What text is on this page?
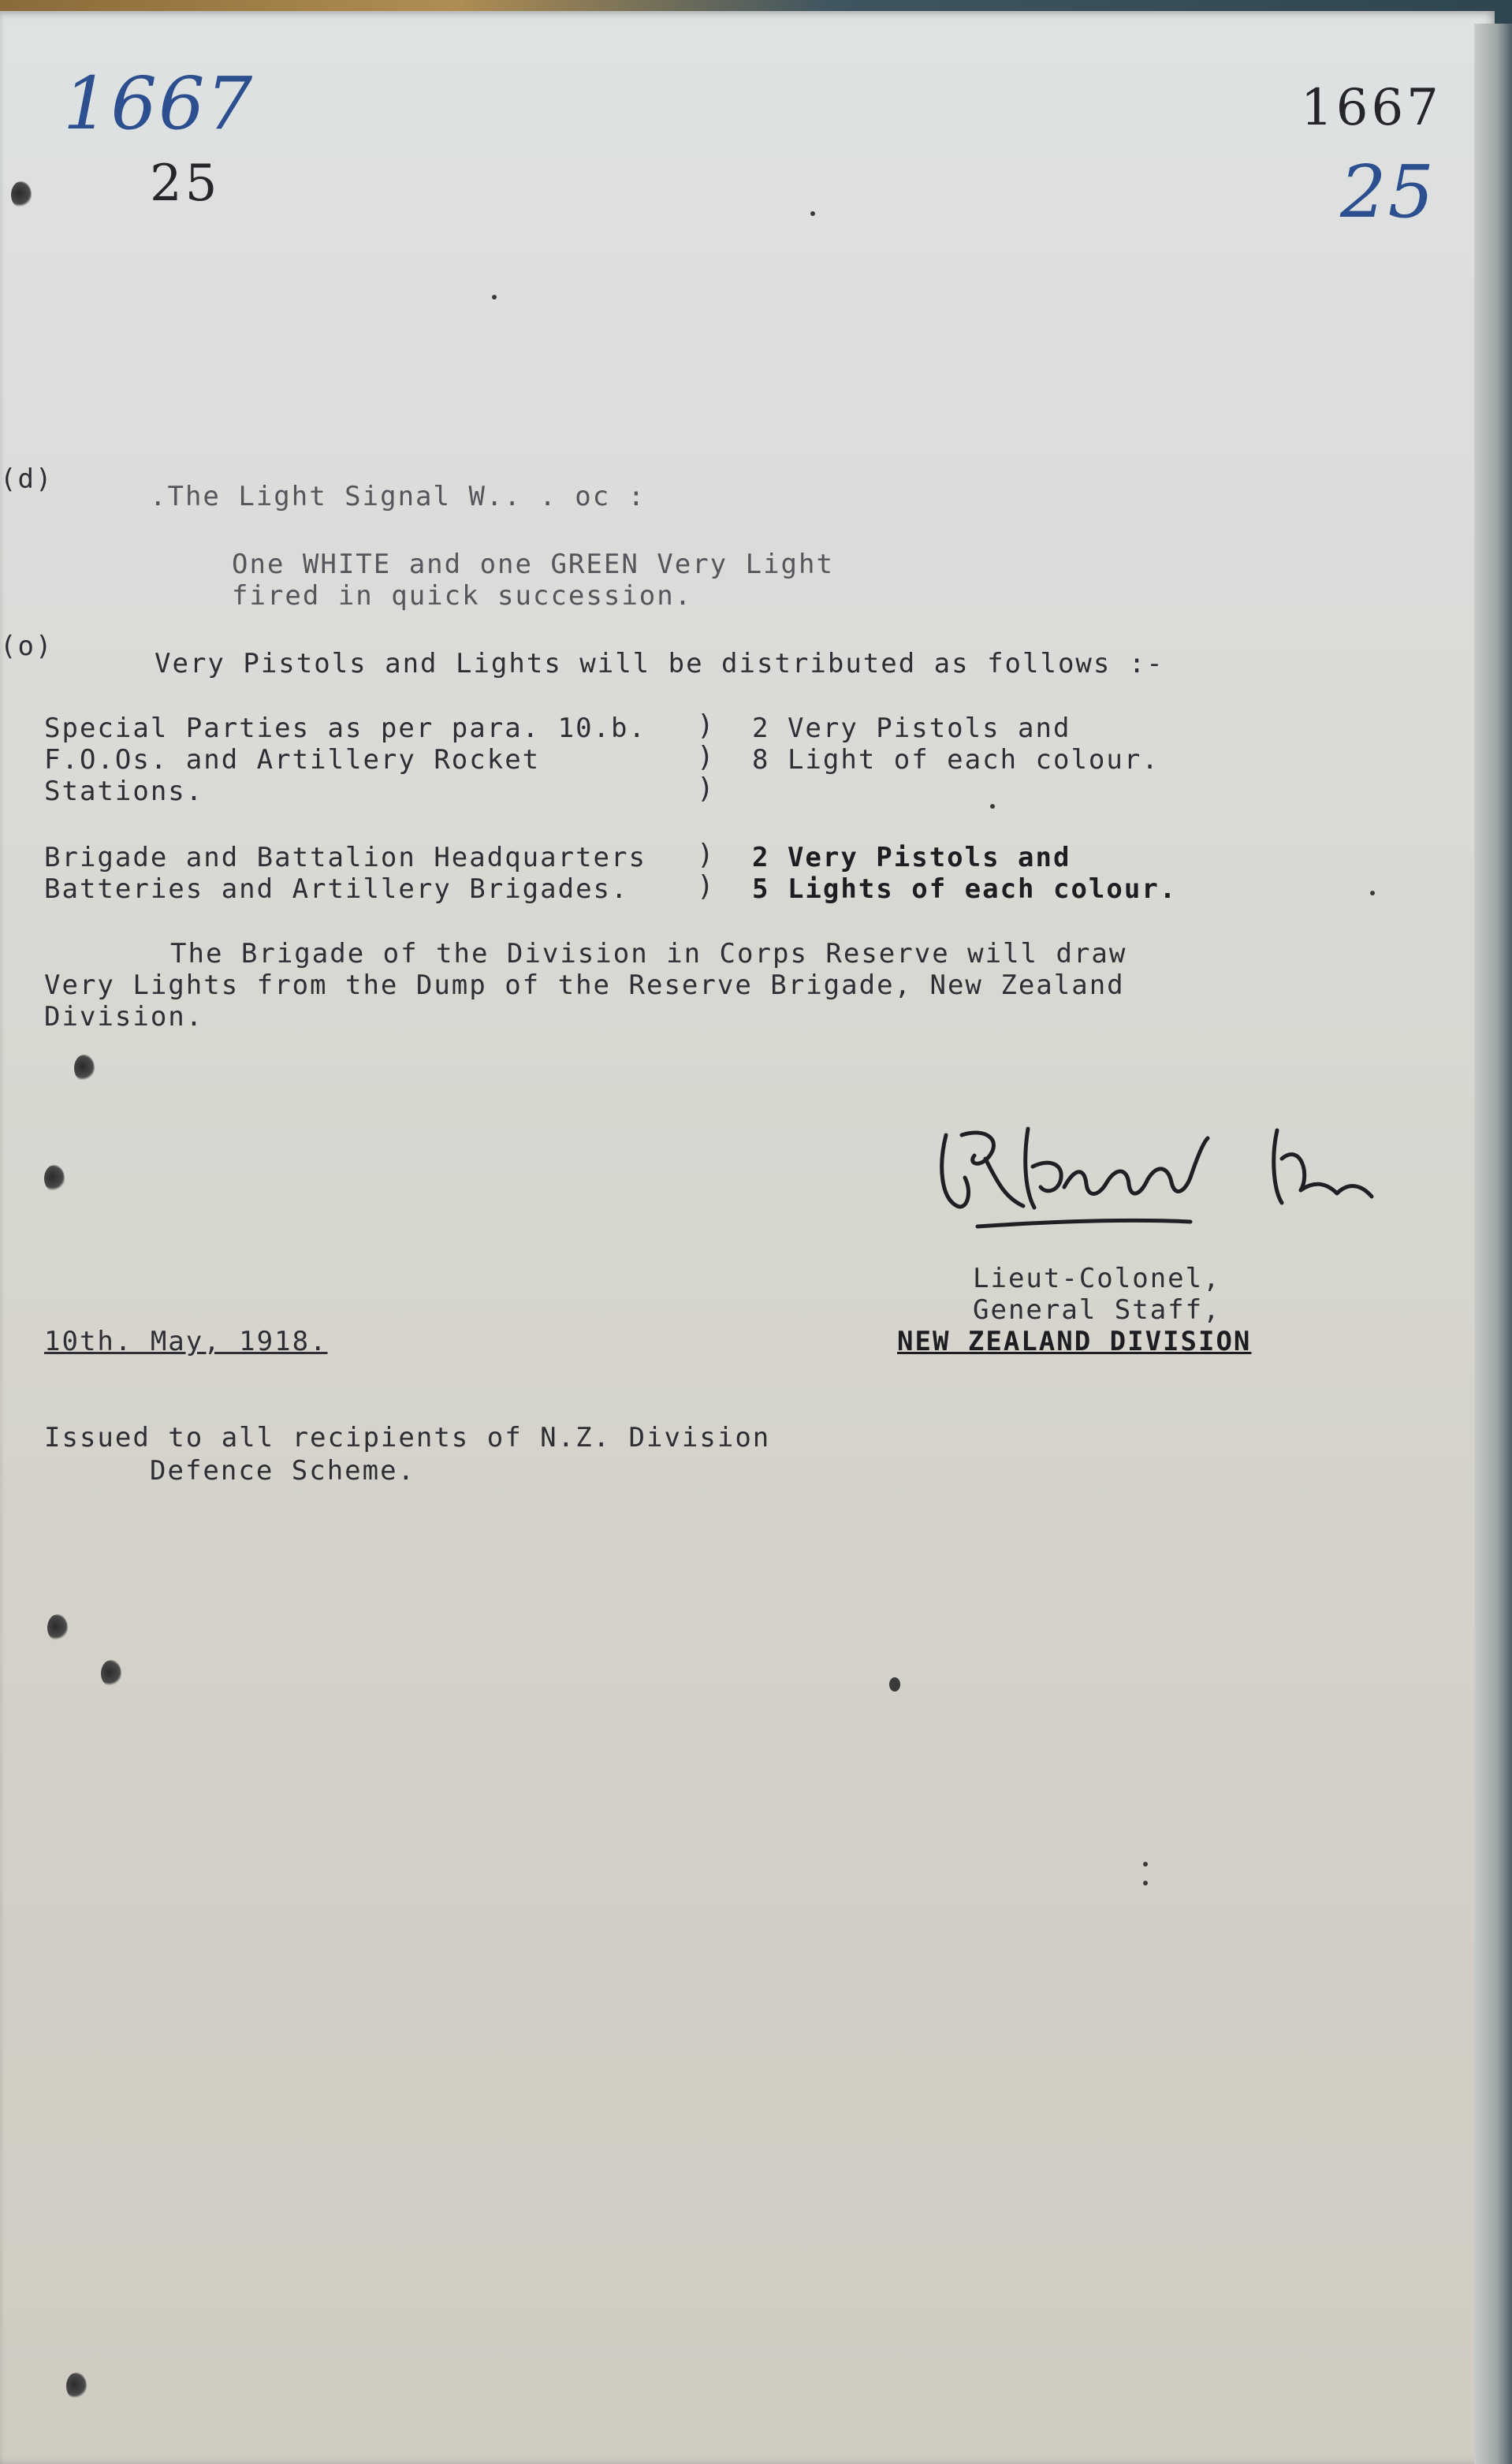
1667
25
1667
25
(d)
.The Light Signal W.. . oc :
One WHITE and one GREEN Very Light
fired in quick succession.
(o)
Very Pistols and Lights will be distributed as follows :-
Special Parties as per para. 10.b.
F.O.Os. and Artillery Rocket
Stations.
)
)
)
2 Very Pistols and
8 Light of each colour.
Brigade and Battalion Headquarters
Batteries and Artillery Brigades.
)
)
2 Very Pistols and
5 Lights of each colour.
The Brigade of the Division in Corps Reserve will draw
Very Lights from the Dump of the Reserve Brigade, New Zealand
Division.
Lieut-Colonel,
General Staff,
NEW ZEALAND DIVISION
10th. May, 1918.
Issued to all recipients of N.Z. Division
Defence Scheme.
